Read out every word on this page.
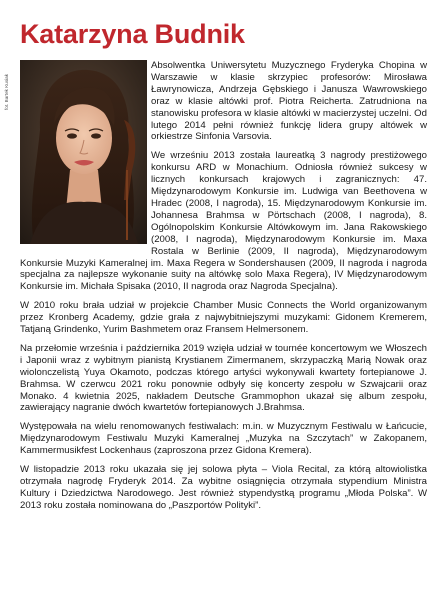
Katarzyna Budnik
fot. Bartek Kusiak

Absolwentka Uniwersytetu Muzycznego Fryderyka Chopina w Warszawie w klasie skrzypiec profesorów: Mirosława Ławrynowicza, Andrzeja Gębskiego i Janusza Wawrowskiego oraz w klasie altówki prof. Piotra Reicherta. Zatrudniona na stanowisku profesora w klasie altówki w macierzystej uczelni. Od lutego 2014 pełni również funkcję lidera grupy altówek w orkiestrze Sinfonia Varsovia.

We wrześniu 2013 została laureatką 3 nagrody prestiżowego konkursu ARD w Monachium. Odniosła również sukcesy w licznych konkursach krajowych i zagranicznych: 47. Międzynarodowym Konkursie im. Ludwiga van Beethovena w Hradec (2008, I nagroda), 15. Międzynarodowym Konkursie im. Johannesa Brahmsa w Pörtschach (2008, I nagroda), 8. Ogólnopolskim Konkursie Altówkowym im. Jana Rakowskiego (2008, I nagroda), Międzynarodowym Konkursie im. Maxa Rostala w Berlinie (2009, II nagroda), Międzynarodowym Konkursie Muzyki Kameralnej im. Maxa Regera w Sondershausen (2009, II nagroda i nagroda specjalna za najlepsze wykonanie suity na altówkę solo Maxa Regera), IV Międzynarodowym Konkursie im. Michała Spisaka (2010, II nagroda oraz Nagroda Specjalna).

W 2010 roku brała udział w projekcie Chamber Music Connects the World organizowanym przez Kronberg Academy, gdzie grała z najwybitniejszymi muzykami: Gidonem Kremerem, Tatjaną Grindenko, Yurim Bashmetem oraz Fransem Helmersonem.

Na przełomie września i października 2019 wzięła udział w tournée koncertowym we Włoszech i Japonii wraz z wybitnym pianistą Krystianem Zimermanem, skrzypaczką Marią Nowak oraz wiolonczelistą Yuya Okamoto, podczas którego artyści wykonywali kwartety fortepianowe J. Brahmsa. W czerwcu 2021 roku ponownie odbyły się koncerty zespołu w Szwajcarii oraz Monako. 4 kwietnia 2025, nakładem Deutsche Grammophon ukazał się album zespołu, zawierający nagranie dwóch kwartetów fortepianowych J.Brahmsa.

Występowała na wielu renomowanych festiwalach: m.in. w Muzycznym Festiwalu w Łańcucie, Międzynarodowym Festiwalu Muzyki Kameralnej „Muzyka na Szczytach” w Zakopanem, Kammermusikfest Lockenhaus (zaproszona przez Gidona Kremera).

W listopadzie 2013 roku ukazała się jej solowa płyta – Viola Recital, za którą altowiolistka otrzymała nagrodę Fryderyk 2014. Za wybitne osiągnięcia otrzymała stypendium Ministra Kultury i Dziedzictwa Narodowego. Jest również stypendystką programu „Młoda Polska”. W 2013 roku została nominowana do „Paszportów Polityki”.
